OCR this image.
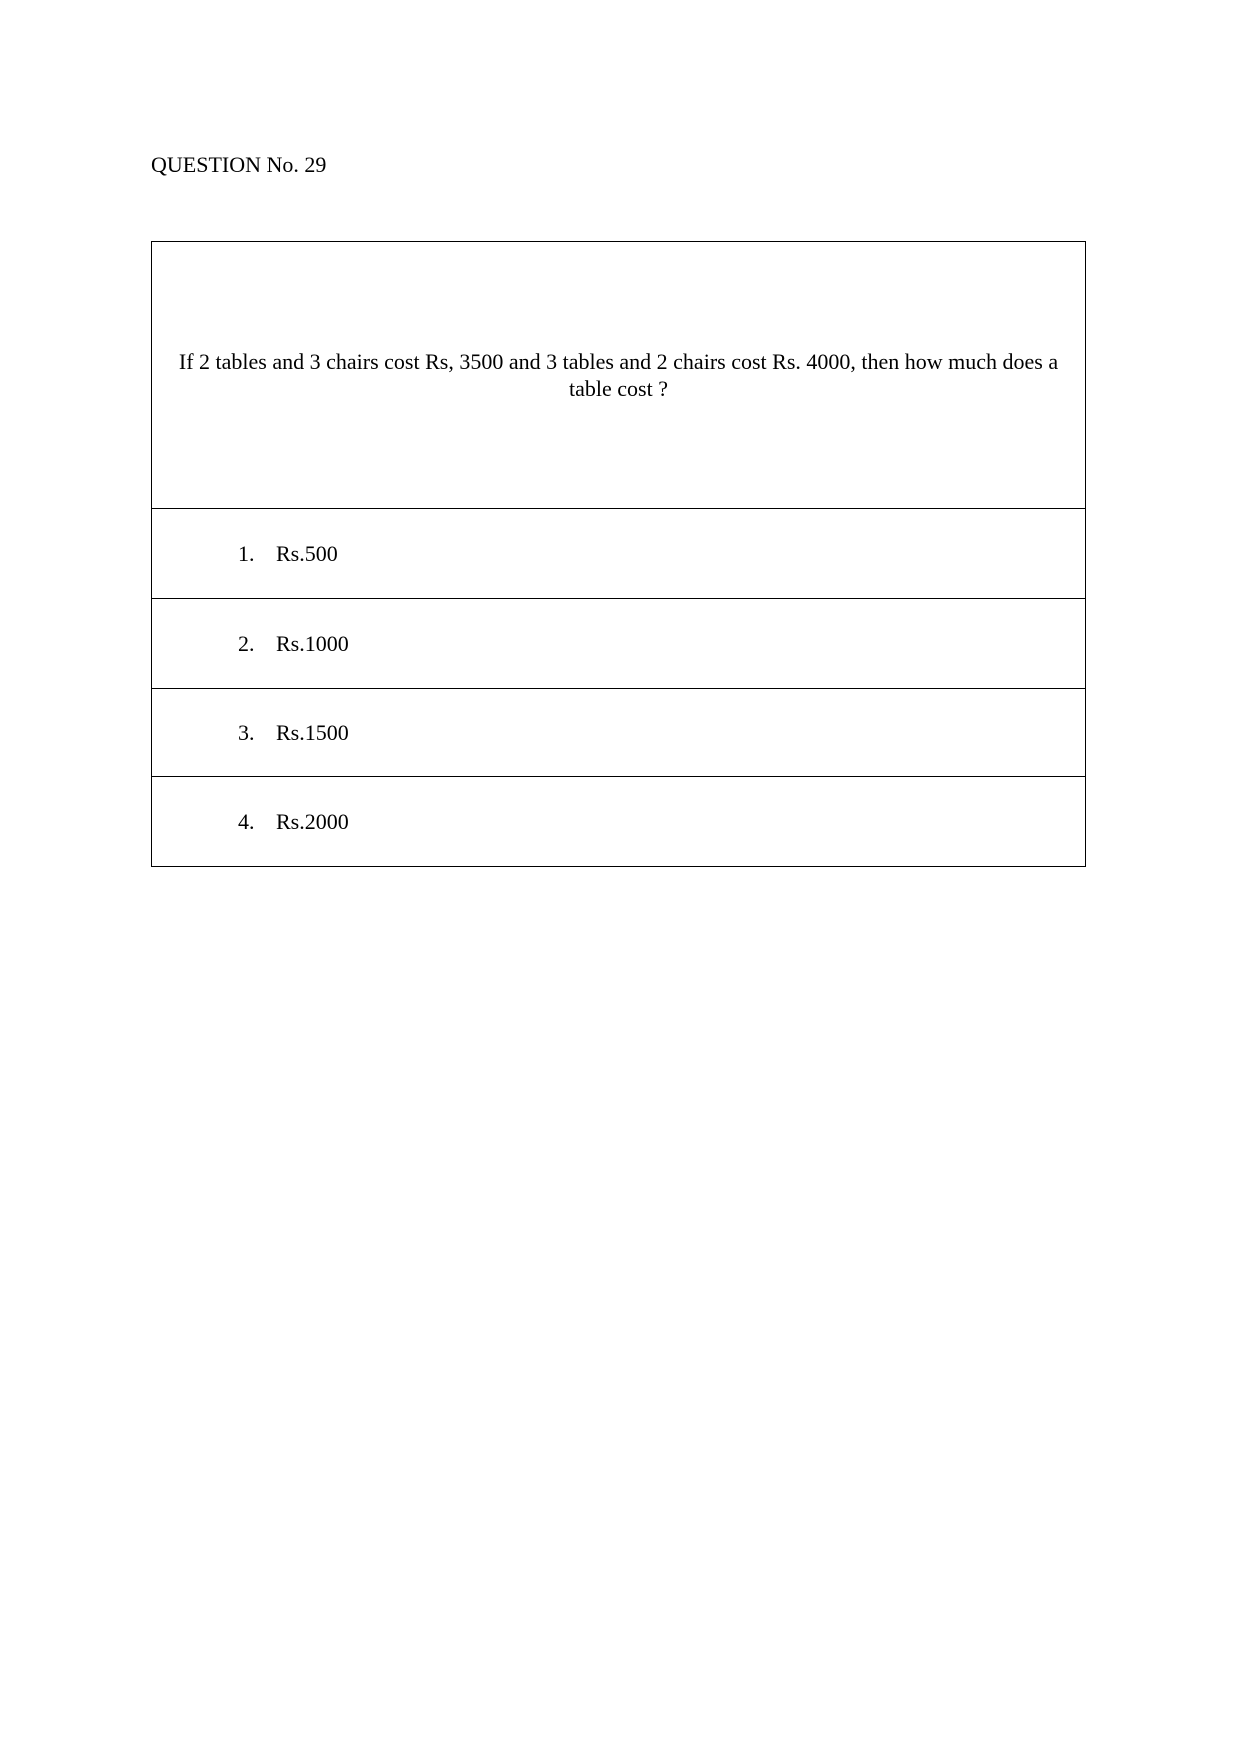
QUESTION No. 29
If 2 tables and 3 chairs cost Rs, 3500 and 3 tables and 2 chairs cost Rs. 4000, then how much does a table cost ?
1. Rs.500
2. Rs.1000
3. Rs.1500
4. Rs.2000
